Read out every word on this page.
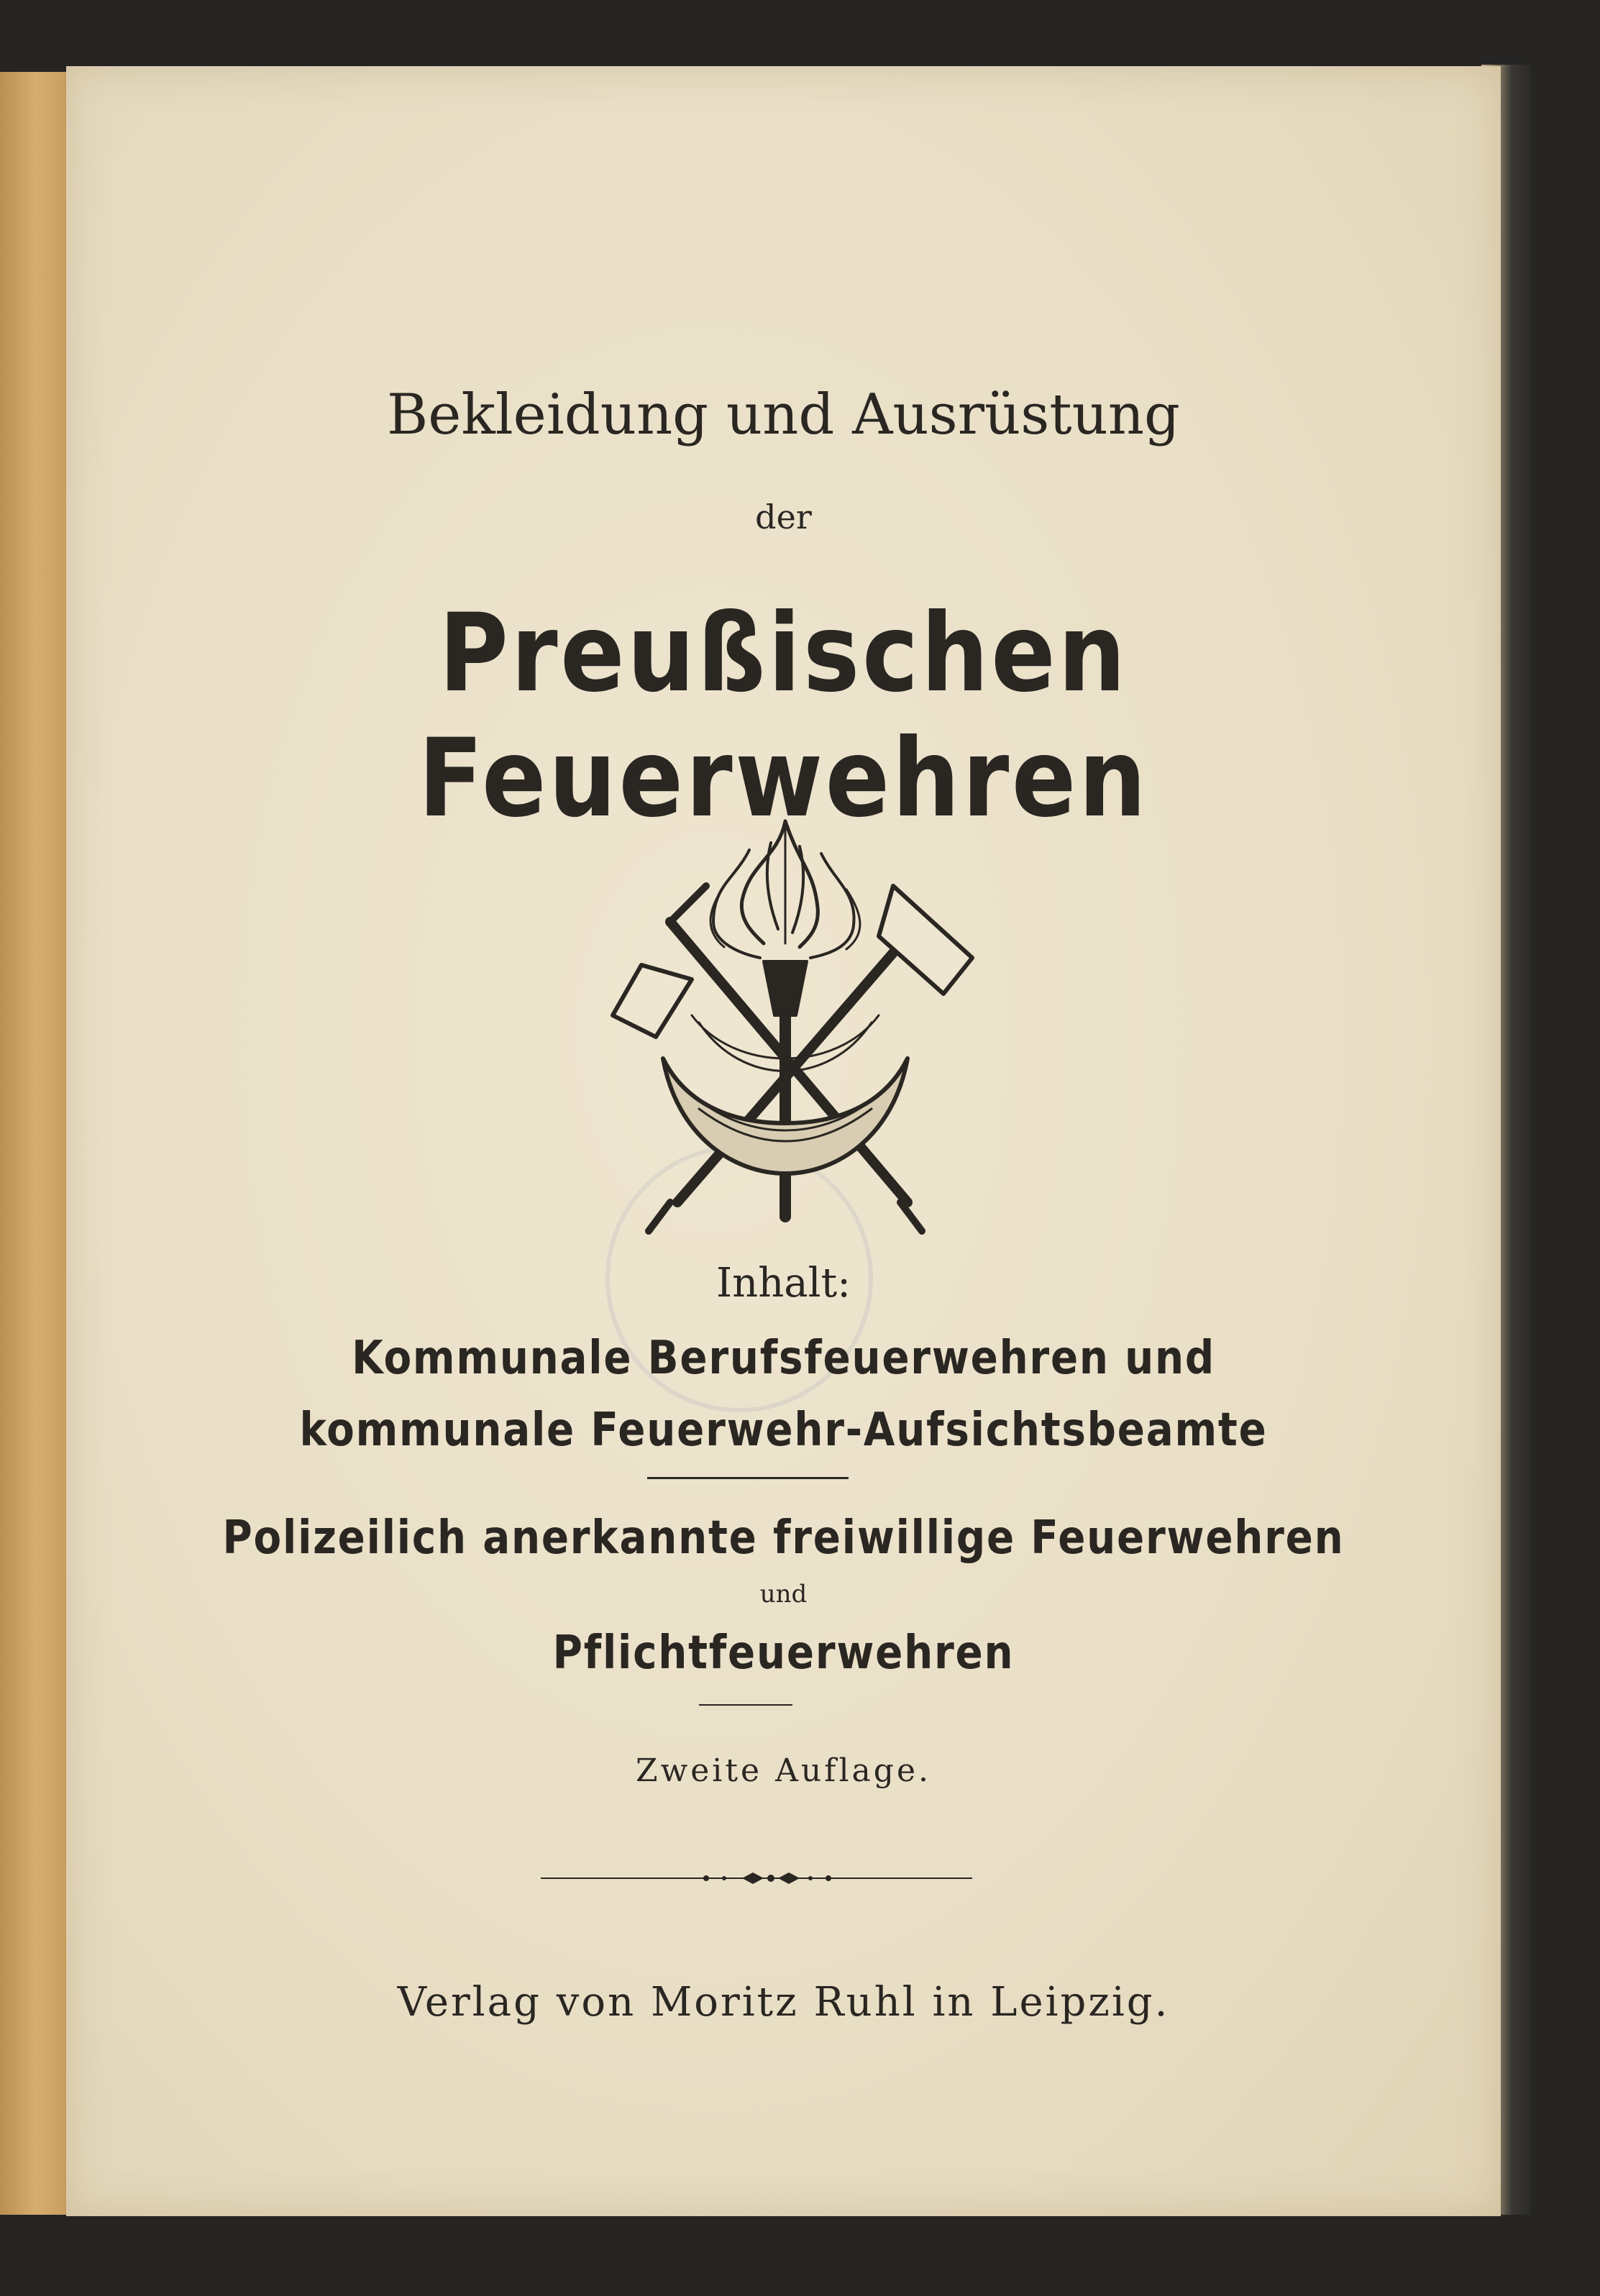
Bekleidung und Ausrüstung
der
Preußischen Feuerwehren
Inhalt:
Kommunale Berufsfeuerwehren und
kommunale Feuerwehr-Aufsichtsbeamte
Polizeilich anerkannte freiwillige Feuerwehren
und
Pflichtfeuerwehren
Zweite Auflage.
Verlag von Moritz Ruhl in Leipzig.
